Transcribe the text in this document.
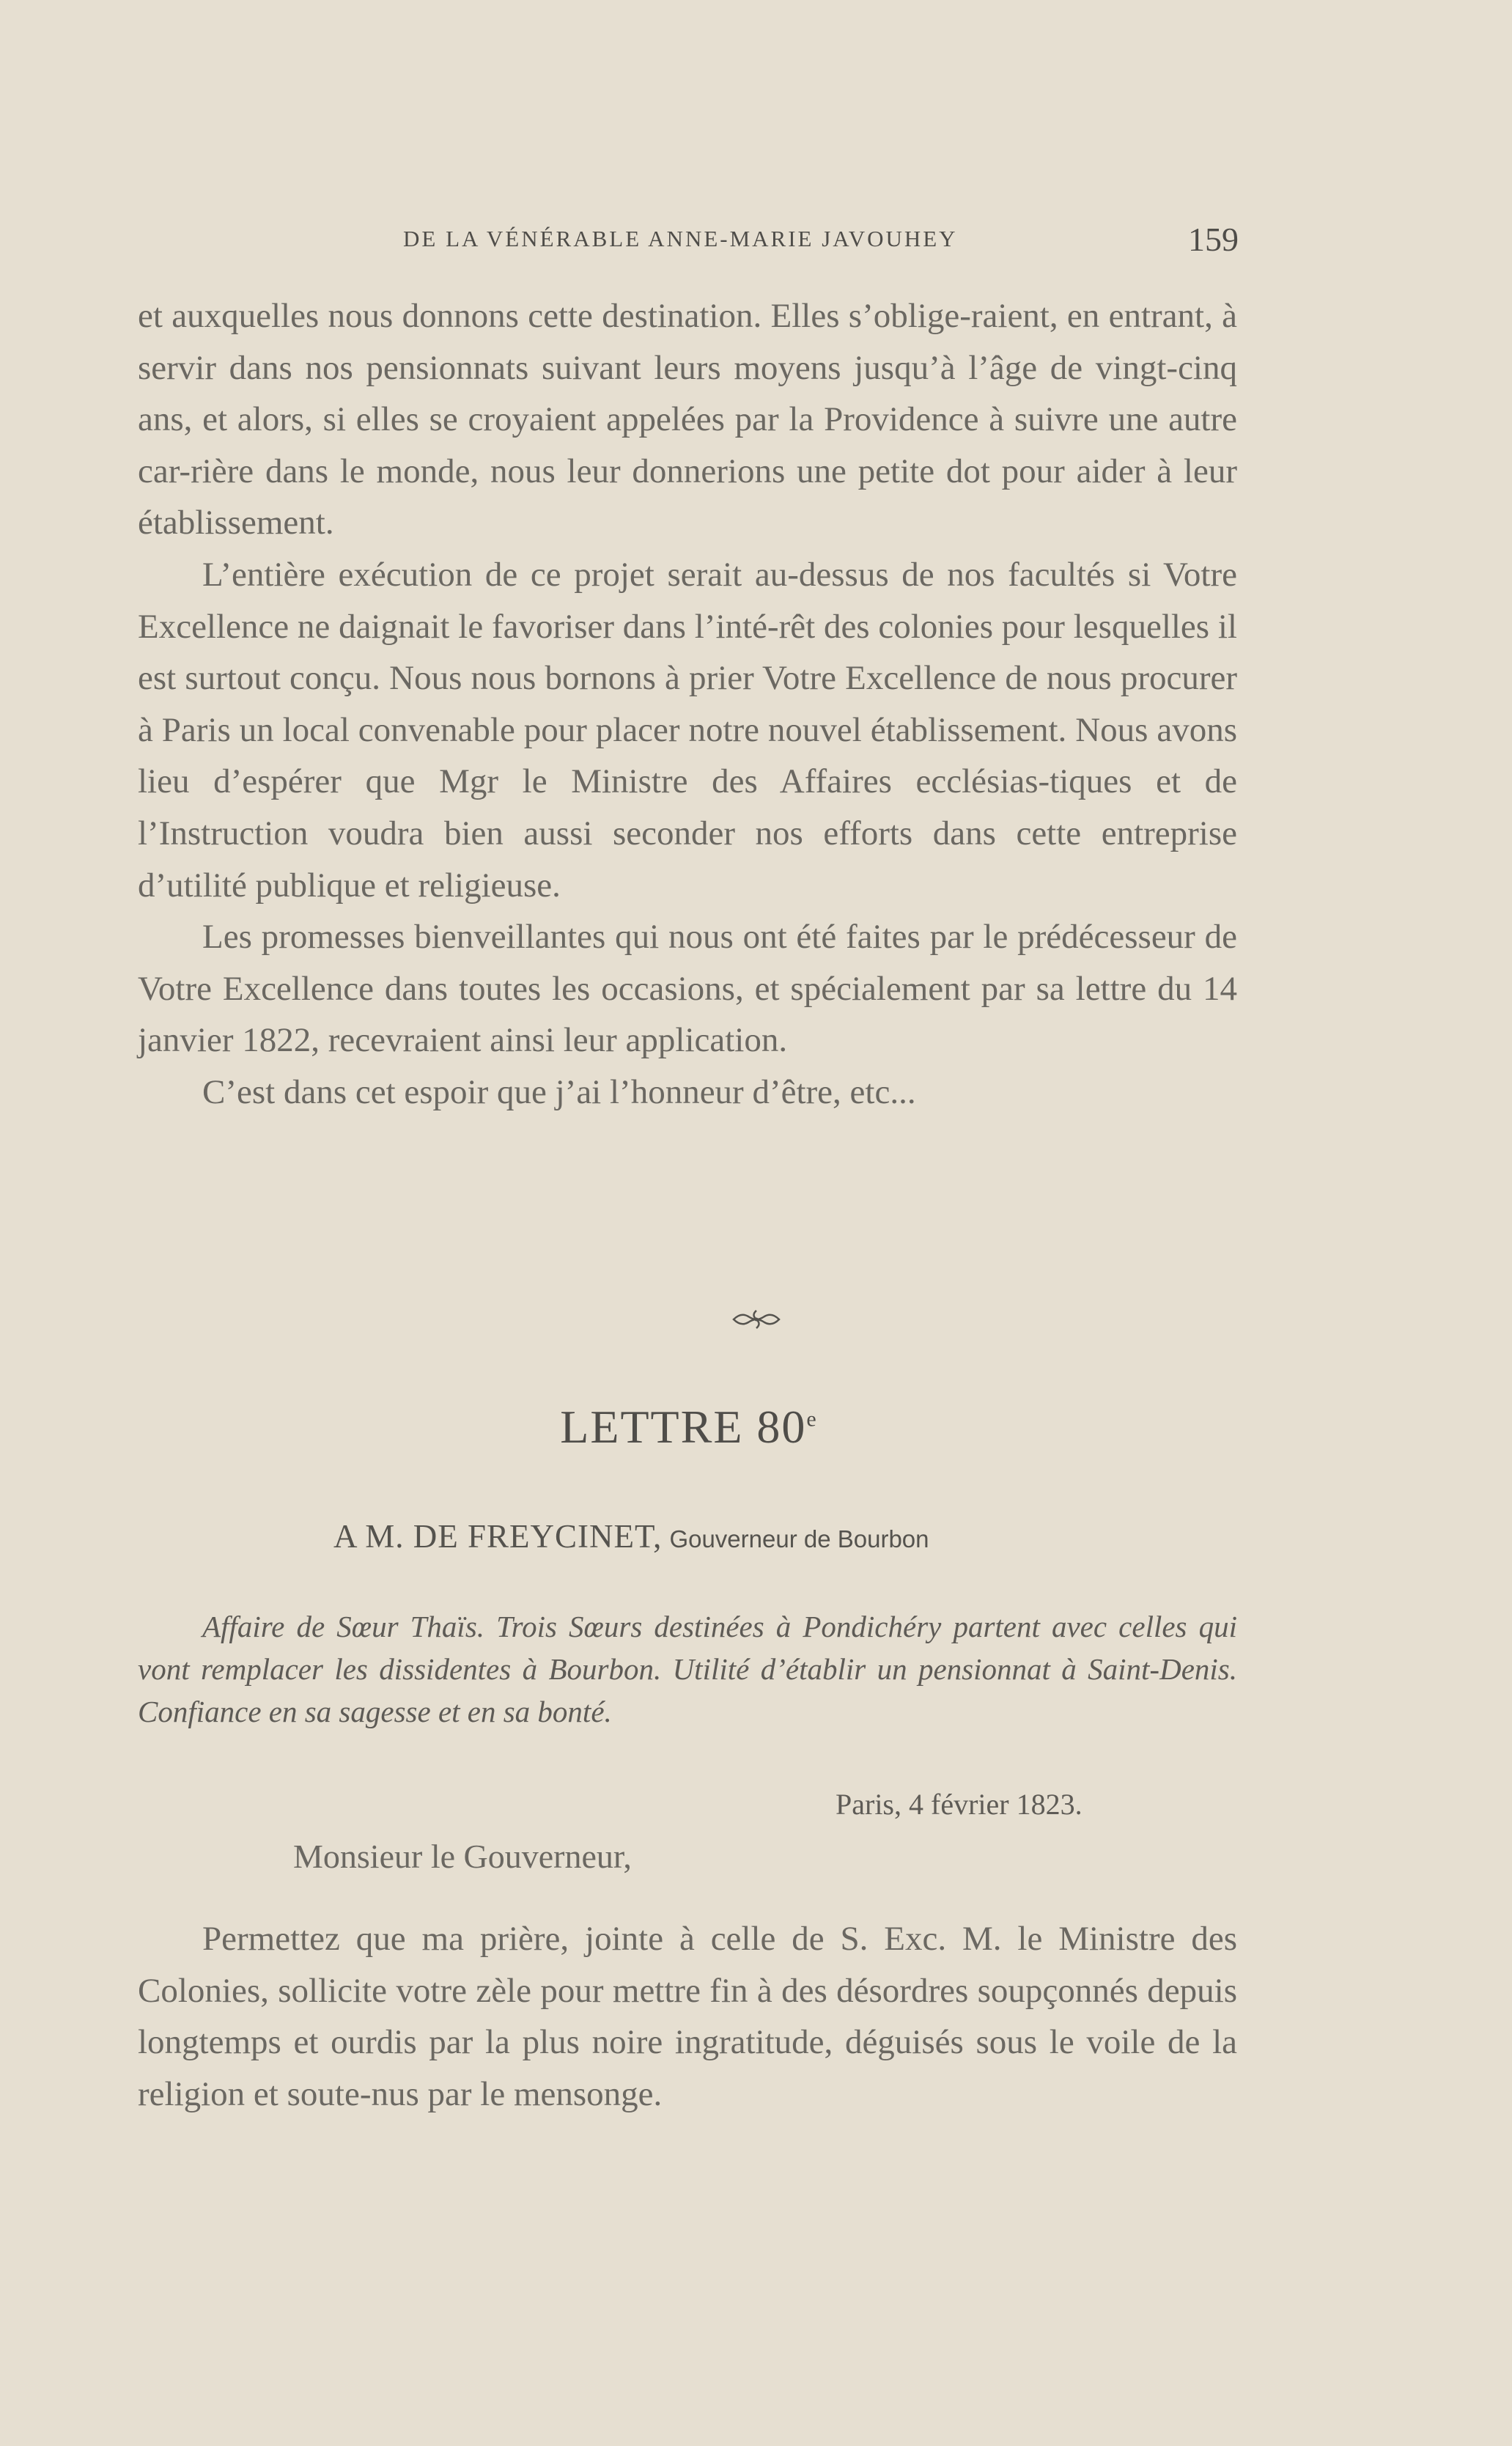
DE LA VÉNÉRABLE ANNE-MARIE JAVOUHEY	159

et auxquelles nous donnons cette destination. Elles s’oblige-raient, en entrant, à servir dans nos pensionnats suivant leurs moyens jusqu’à l’âge de vingt-cinq ans, et alors, si elles se croyaient appelées par la Providence à suivre une autre car-rière dans le monde, nous leur donnerions une petite dot pour aider à leur établissement.

L’entière exécution de ce projet serait au-dessus de nos facultés si Votre Excellence ne daignait le favoriser dans l’inté-rêt des colonies pour lesquelles il est surtout conçu. Nous nous bornons à prier Votre Excellence de nous procurer à Paris un local convenable pour placer notre nouvel établissement. Nous avons lieu d’espérer que Mgr le Ministre des Affaires ecclésias-tiques et de l’Instruction voudra bien aussi seconder nos efforts dans cette entreprise d’utilité publique et religieuse.

Les promesses bienveillantes qui nous ont été faites par le prédécesseur de Votre Excellence dans toutes les occasions, et spécialement par sa lettre du 14 janvier 1822, recevraient ainsi leur application.

C’est dans cet espoir que j’ai l’honneur d’être, etc...

LETTRE 80e
A M. DE FREYCINET, Gouverneur de Bourbon

Affaire de Sœur Thaïs. Trois Sœurs destinées à Pondichéry partent avec celles qui vont remplacer les dissidentes à Bourbon. Utilité d’établir un pensionnat à Saint-Denis. Confiance en sa sagesse et en sa bonté.

Paris, 4 février 1823.
Monsieur le Gouverneur,

Permettez que ma prière, jointe à celle de S. Exc. M. le Ministre des Colonies, sollicite votre zèle pour mettre fin à des désordres soupçonnés depuis longtemps et ourdis par la plus noire ingratitude, déguisés sous le voile de la religion et soute-nus par le mensonge.
